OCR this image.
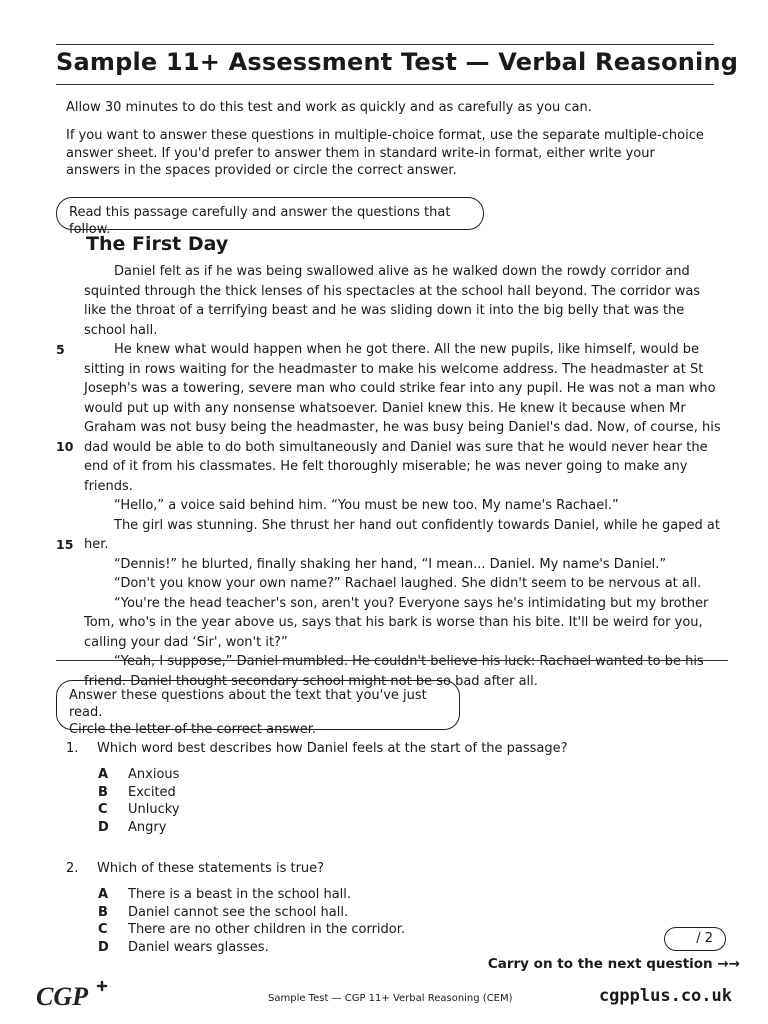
Sample 11+ Assessment Test — Verbal Reasoning
Allow 30 minutes to do this test and work as quickly and as carefully as you can.
If you want to answer these questions in multiple-choice format, use the separate multiple-choice answer sheet. If you'd prefer to answer them in standard write-in format, either write your answers in the spaces provided or circle the correct answer.
Read this passage carefully and answer the questions that follow.
The First Day

Daniel felt as if he was being swallowed alive as he walked down the rowdy corridor and squinted through the thick lenses of his spectacles at the school hall beyond. The corridor was like the throat of a terrifying beast and he was sliding down it into the big belly that was the school hall.

He knew what would happen when he got there. All the new pupils, like himself, would be sitting in rows waiting for the headmaster to make his welcome address. The headmaster at St Joseph's was a towering, severe man who could strike fear into any pupil. He was not a man who would put up with any nonsense whatsoever. Daniel knew this. He knew it because when Mr Graham was not busy being the headmaster, he was busy being Daniel's dad. Now, of course, his dad would be able to do both simultaneously and Daniel was sure that he would never hear the end of it from his classmates. He felt thoroughly miserable; he was never going to make any friends.

“Hello,” a voice said behind him. “You must be new too. My name's Rachael.”

The girl was stunning. She thrust her hand out confidently towards Daniel, while he gaped at her.

“Dennis!” he blurted, finally shaking her hand, “I mean... Daniel. My name's Daniel.”

“Don't you know your own name?” Rachael laughed. She didn't seem to be nervous at all.

“You're the head teacher's son, aren't you? Everyone says he's intimidating but my brother Tom, who's in the year above us, says that his bark is worse than his bite. It'll be weird for you, calling your dad ‘Sir', won't it?”

“Yeah, I suppose,” Daniel mumbled. He couldn't believe his luck: Rachael wanted to be his friend. Daniel thought secondary school might not be so bad after all.

5
10
15
Answer these questions about the text that you've just read.
Circle the letter of the correct answer.
1. Which word best describes how Daniel feels at the start of the passage?
A Anxious
B Excited
C Unlucky
D Angry
2. Which of these statements is true?
A There is a beast in the school hall.
B Daniel cannot see the school hall.
C There are no other children in the corridor.
D Daniel wears glasses.
/ 2
Carry on to the next question →→
CGP	Sample Test — CGP 11+ Verbal Reasoning (CEM)	cgpplus.co.uk
